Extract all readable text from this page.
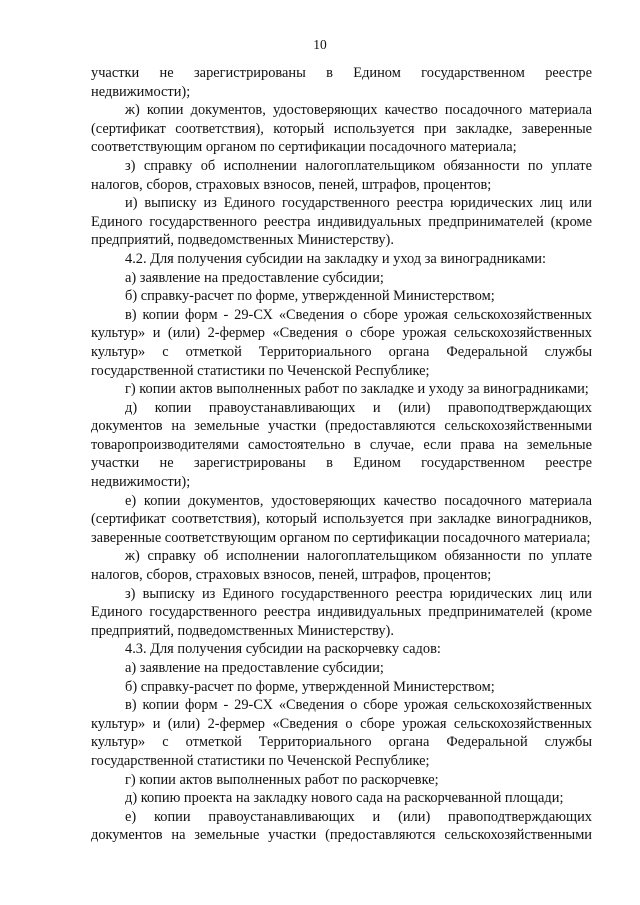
10

участки не зарегистрированы в Едином государственном реестре недвижимости);

ж) копии документов, удостоверяющих качество посадочного материала (сертификат соответствия), который используется при закладке, заверенные соответствующим органом по сертификации посадочного материала;

з) справку об исполнении налогоплательщиком обязанности по уплате налогов, сборов, страховых взносов, пеней, штрафов, процентов;

и) выписку из Единого государственного реестра юридических лиц или Единого государственного реестра индивидуальных предпринимателей (кроме предприятий, подведомственных Министерству).

4.2. Для получения субсидии на закладку и уход за виноградниками:

а) заявление на предоставление субсидии;

б) справку-расчет по форме, утвержденной Министерством;

в) копии форм - 29-СХ «Сведения о сборе урожая сельскохозяйственных культур» и (или) 2-фермер «Сведения о сборе урожая сельскохозяйственных культур» с отметкой Территориального органа Федеральной службы государственной статистики по Чеченской Республике;

г) копии актов выполненных работ по закладке и уходу за виноградниками;

д) копии правоустанавливающих и (или) правоподтверждающих документов на земельные участки (предоставляются сельскохозяйственными товаропроизводителями самостоятельно в случае, если права на земельные участки не зарегистрированы в Едином государственном реестре недвижимости);

е) копии документов, удостоверяющих качество посадочного материала (сертификат соответствия), который используется при закладке виноградников, заверенные соответствующим органом по сертификации посадочного материала;

ж) справку об исполнении налогоплательщиком обязанности по уплате налогов, сборов, страховых взносов, пеней, штрафов, процентов;

з) выписку из Единого государственного реестра юридических лиц или Единого государственного реестра индивидуальных предпринимателей (кроме предприятий, подведомственных Министерству).

4.3. Для получения субсидии на раскорчевку садов:

а) заявление на предоставление субсидии;

б) справку-расчет по форме, утвержденной Министерством;

в) копии форм - 29-СХ «Сведения о сборе урожая сельскохозяйственных культур» и (или) 2-фермер «Сведения о сборе урожая сельскохозяйственных культур» с отметкой Территориального органа Федеральной службы государственной статистики по Чеченской Республике;

г) копии актов выполненных работ по раскорчевке;

д) копию проекта на закладку нового сада на раскорчеванной площади;

е) копии правоустанавливающих и (или) правоподтверждающих документов на земельные участки (предоставляются сельскохозяйственными
